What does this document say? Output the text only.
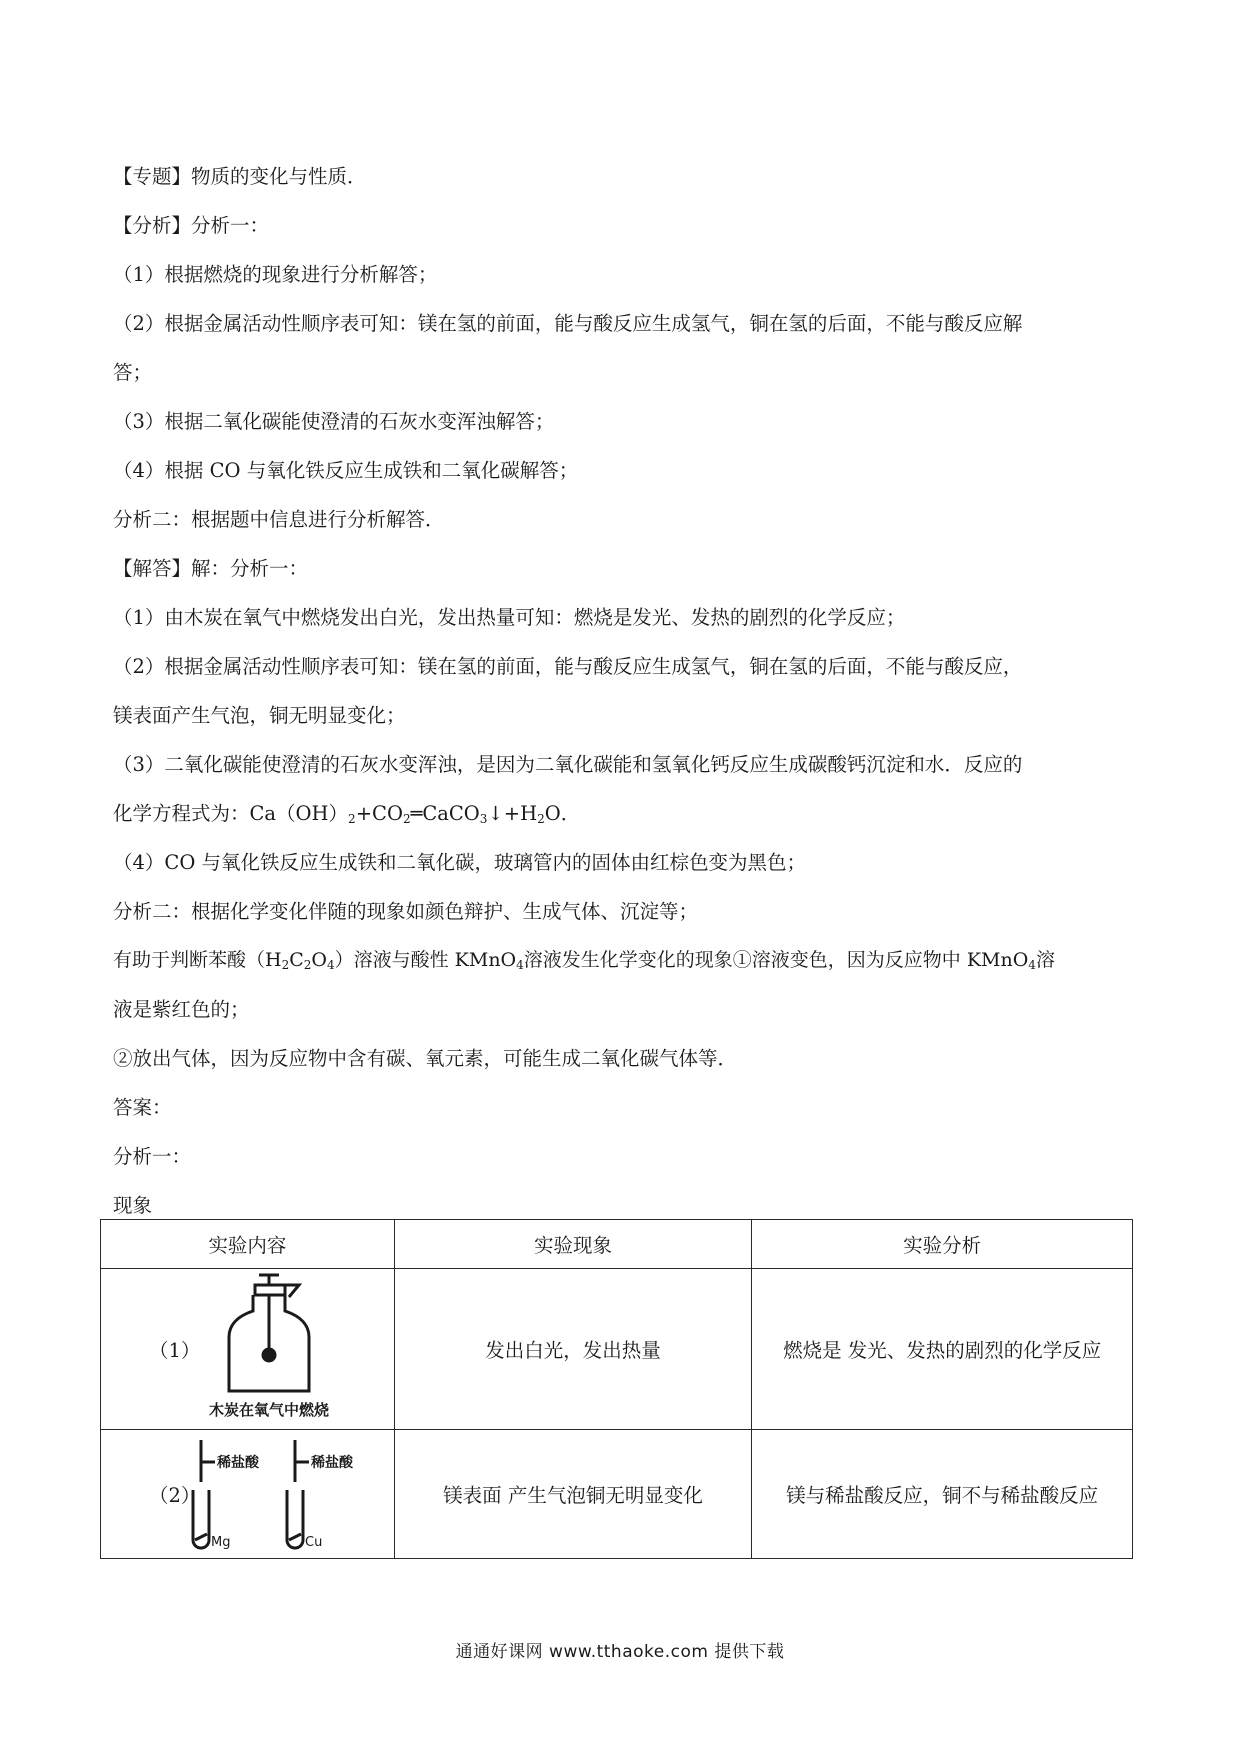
【专题】物质的变化与性质．
【分析】分析一：
（1）根据燃烧的现象进行分析解答；
（2）根据金属活动性顺序表可知：镁在氢的前面，能与酸反应生成氢气，铜在氢的后面，不能与酸反应解
答；
（3）根据二氧化碳能使澄清的石灰水变浑浊解答；
（4）根据 CO 与氧化铁反应生成铁和二氧化碳解答；
分析二：根据题中信息进行分析解答．
【解答】解：分析一：
（1）由木炭在氧气中燃烧发出白光，发出热量可知：燃烧是发光、发热的剧烈的化学反应；
（2）根据金属活动性顺序表可知：镁在氢的前面，能与酸反应生成氢气，铜在氢的后面，不能与酸反应，
镁表面产生气泡，铜无明显变化；
（3）二氧化碳能使澄清的石灰水变浑浊，是因为二氧化碳能和氢氧化钙反应生成碳酸钙沉淀和水．反应的
化学方程式为：$Ca(OH)_2+CO_2═CaCO_3↓+H_2O$．
（4）CO 与氧化铁反应生成铁和二氧化碳，玻璃管内的固体由红棕色变为黑色；
分析二：根据化学变化伴随的现象如颜色辩护、生成气体、沉淀等；
有助于判断苯酸$(H_2C_2O_4)$溶液与酸性 KMnO$_4$溶液发生化学变化的现象①溶液变色，因为反应物中 KMnO$_4$溶
液是紫红色的；
②放出气体，因为反应物中含有碳、氧元素，可能生成二氧化碳气体等．
答案：
分析一：
现象
实验内容	实验现象	实验分析

（1）
木炭在氧气中燃烧	发出白光，发出热量	燃烧是 发光、发热的剧烈的化学反应

（2）
稀盐酸 稀盐酸
Mg Cu	镁表面 产生气泡铜无明显变化	镁与稀盐酸反应，铜不与稀盐酸反应
通通好课网 www.tthaoke.com 提供下载
